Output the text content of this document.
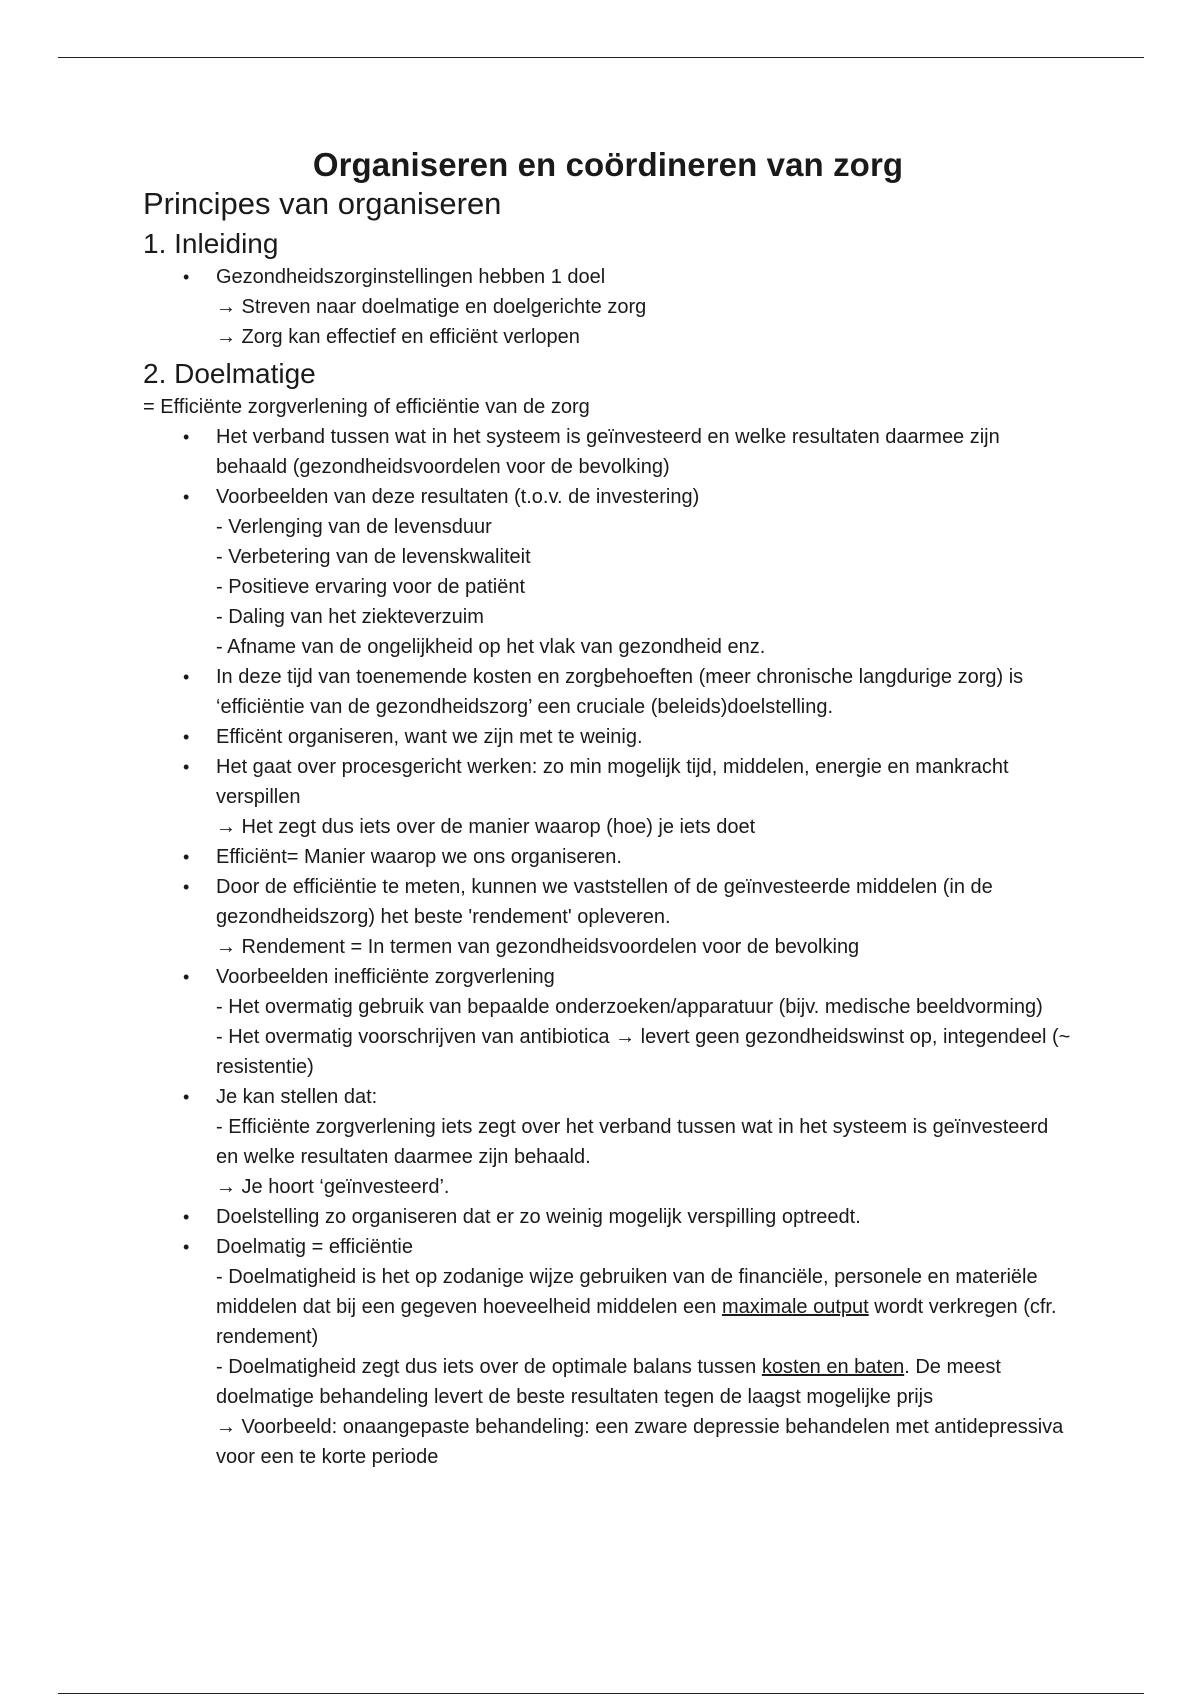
Organiseren en coördineren van zorg
Principes van organiseren
1. Inleiding
• Gezondheidszorginstellingen hebben 1 doel
→ Streven naar doelmatige en doelgerichte zorg
→ Zorg kan effectief en efficiënt verlopen
2. Doelmatige

= Efficiënte zorgverlening of efficiëntie van de zorg

• Het verband tussen wat in het systeem is geïnvesteerd en welke resultaten daarmee zijn behaald (gezondheidsvoordelen voor de bevolking)
• Voorbeelden van deze resultaten (t.o.v. de investering)
- Verlenging van de levensduur
- Verbetering van de levenskwaliteit
- Positieve ervaring voor de patiënt
- Daling van het ziekteverzuim
- Afname van de ongelijkheid op het vlak van gezondheid enz.
• In deze tijd van toenemende kosten en zorgbehoeften (meer chronische langdurige zorg) is ‘efficiëntie van de gezondheidszorg’ een cruciale (beleids)doelstelling.
• Efficënt organiseren, want we zijn met te weinig.
• Het gaat over procesgericht werken: zo min mogelijk tijd, middelen, energie en mankracht verspillen
→ Het zegt dus iets over de manier waarop (hoe) je iets doet
• Efficiënt= Manier waarop we ons organiseren.
• Door de efficiëntie te meten, kunnen we vaststellen of de geïnvesteerde middelen (in de gezondheidszorg) het beste 'rendement' opleveren.
→ Rendement = In termen van gezondheidsvoordelen voor de bevolking
• Voorbeelden inefficiënte zorgverlening
- Het overmatig gebruik van bepaalde onderzoeken/apparatuur (bijv. medische beeldvorming)
- Het overmatig voorschrijven van antibiotica → levert geen gezondheidswinst op, integendeel (~ resistentie)
• Je kan stellen dat:
- Efficiënte zorgverlening iets zegt over het verband tussen wat in het systeem is geïnvesteerd en welke resultaten daarmee zijn behaald.
→ Je hoort ‘geïnvesteerd’.
• Doelstelling zo organiseren dat er zo weinig mogelijk verspilling optreedt.
• Doelmatig = efficiëntie
- Doelmatigheid is het op zodanige wijze gebruiken van de financiële, personele en materiële middelen dat bij een gegeven hoeveelheid middelen een maximale output wordt verkregen (cfr. rendement)
- Doelmatigheid zegt dus iets over de optimale balans tussen kosten en baten. De meest doelmatige behandeling levert de beste resultaten tegen de laagst mogelijke prijs
→ Voorbeeld: onaangepaste behandeling: een zware depressie behandelen met antidepressiva voor een te korte periode
